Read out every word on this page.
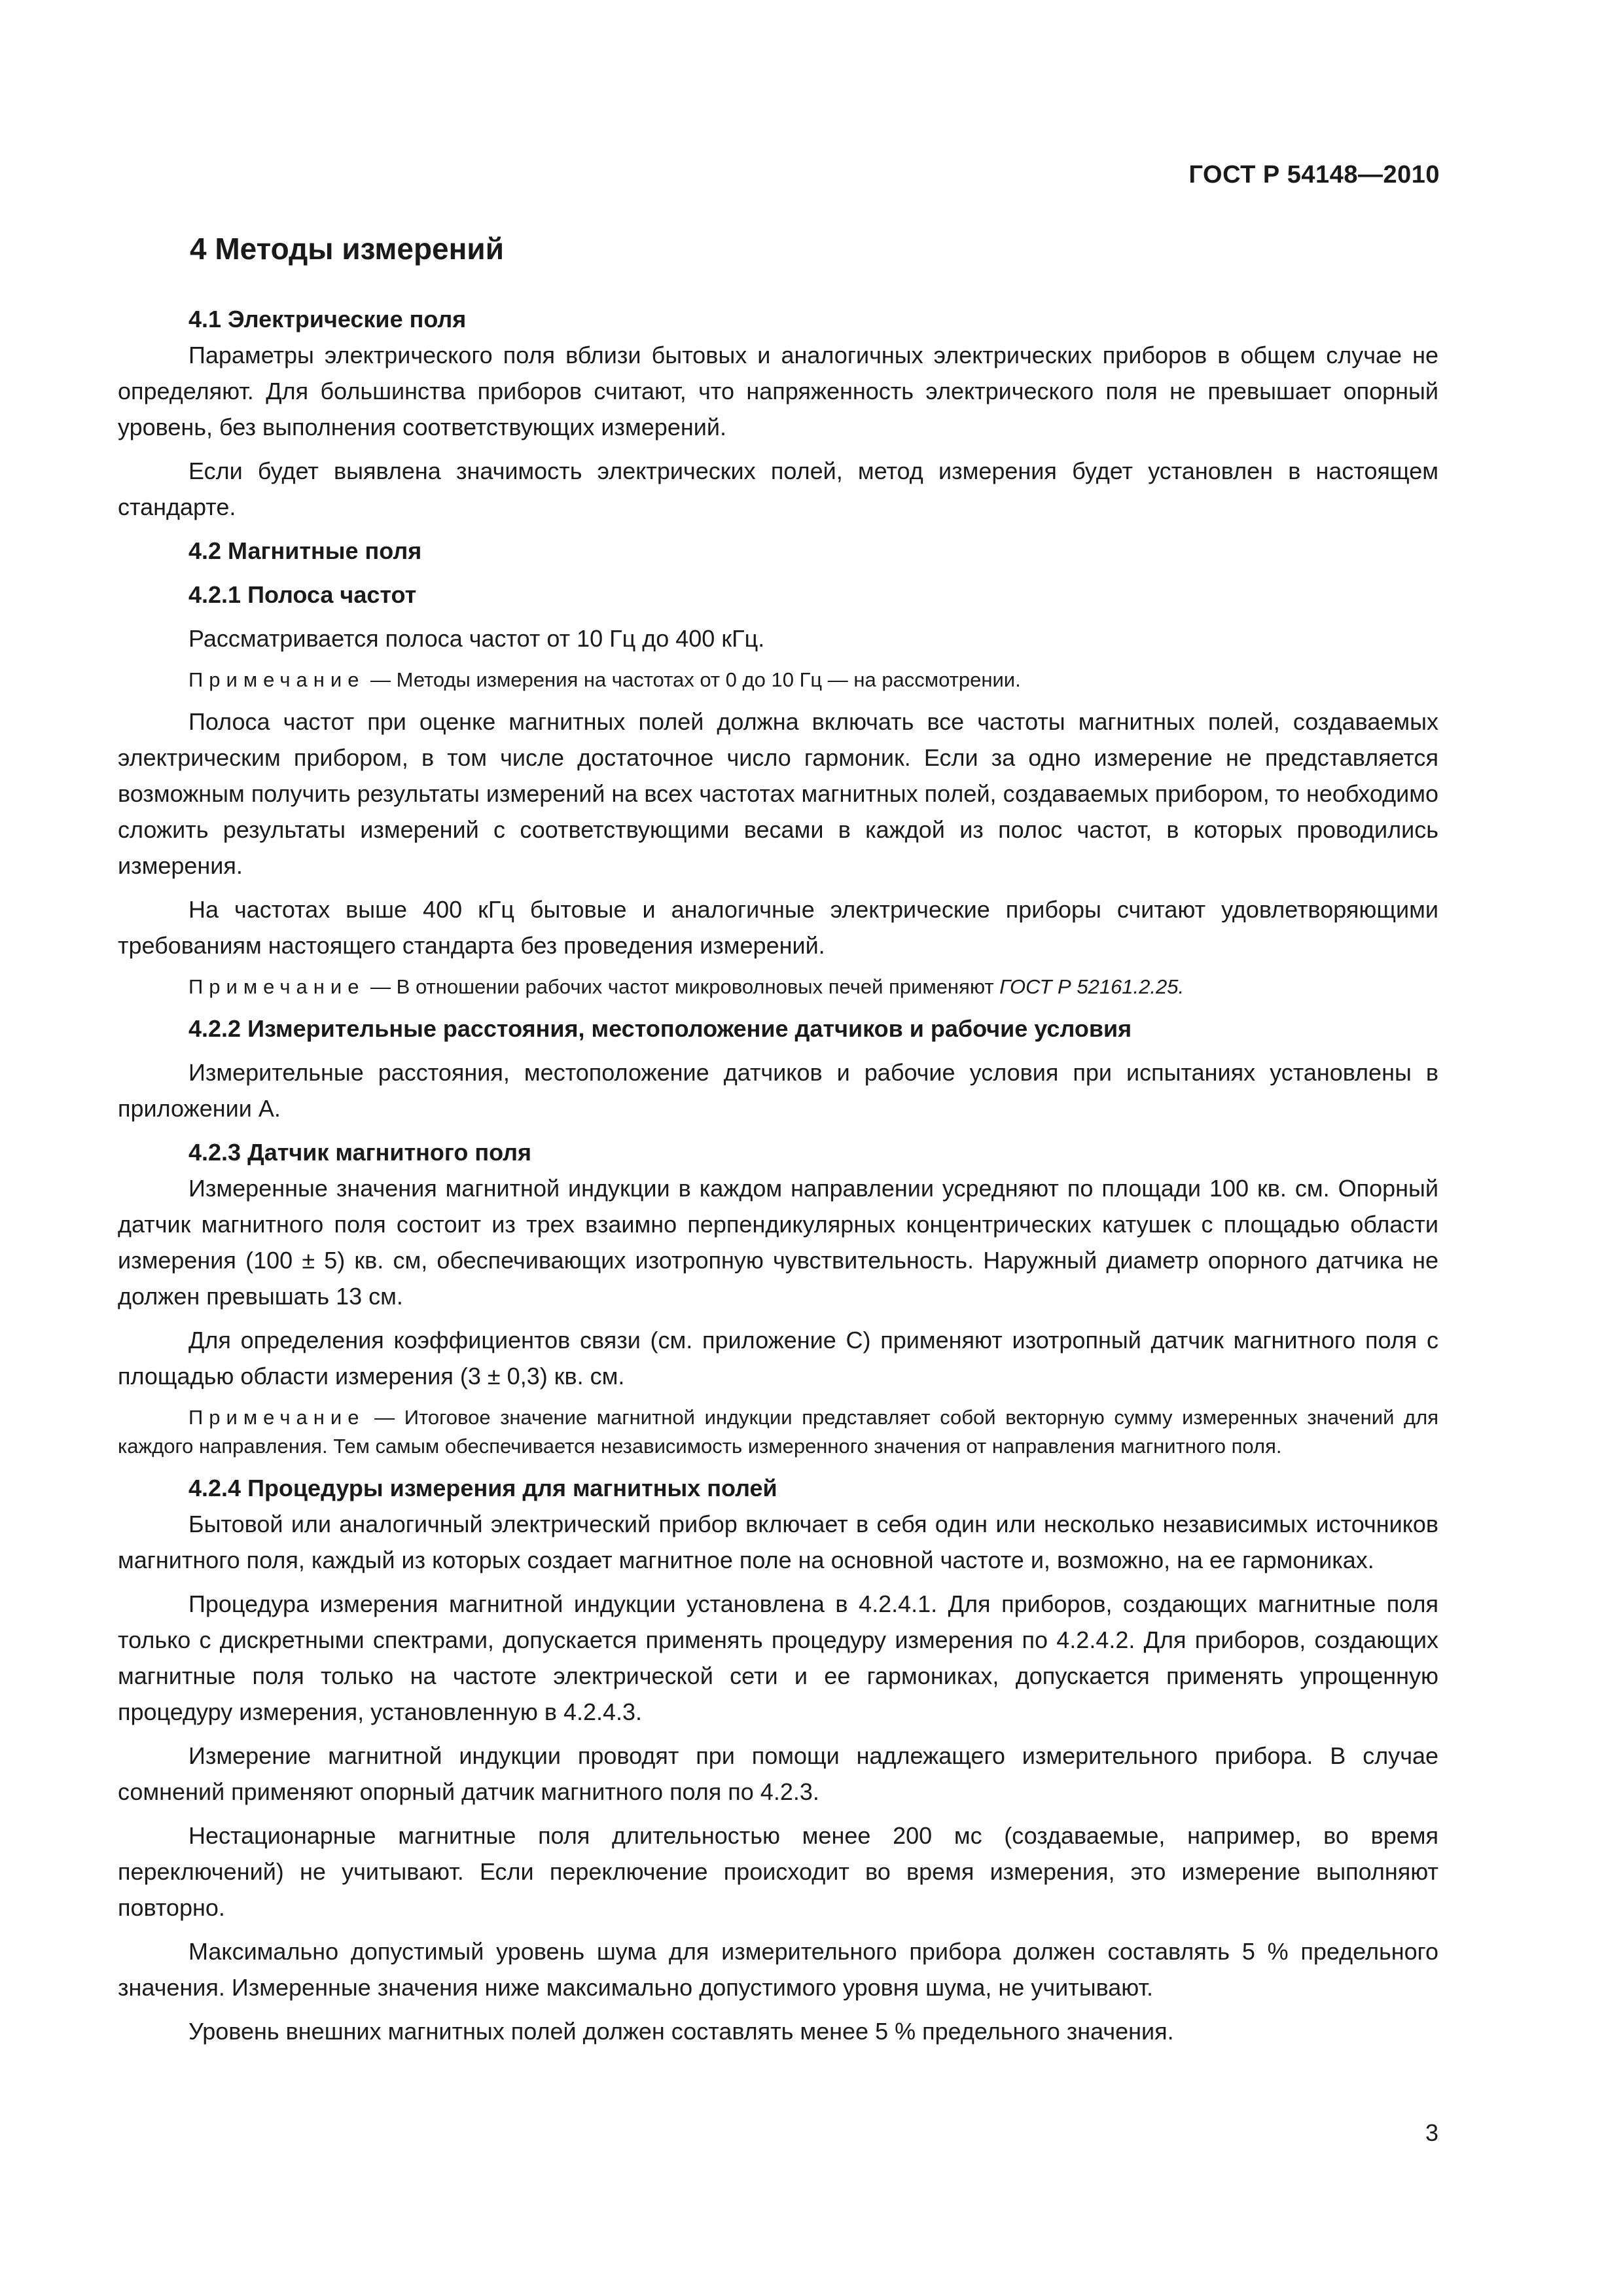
ГОСТ Р 54148—2010

4 Методы измерений

4.1 Электрические поля

Параметры электрического поля вблизи бытовых и аналогичных электрических приборов в общем случае не определяют. Для большинства приборов считают, что напряженность электрического поля не превышает опорный уровень, без выполнения соответствующих измерений.

Если будет выявлена значимость электрических полей, метод измерения будет установлен в настоящем стандарте.

4.2 Магнитные поля

4.2.1 Полоса частот

Рассматривается полоса частот от 10 Гц до 400 кГц.

Примечание — Методы измерения на частотах от 0 до 10 Гц — на рассмотрении.

Полоса частот при оценке магнитных полей должна включать все частоты магнитных полей, создаваемых электрическим прибором, в том числе достаточное число гармоник. Если за одно измерение не представляется возможным получить результаты измерений на всех частотах магнитных полей, создаваемых прибором, то необходимо сложить результаты измерений с соответствующими весами в каждой из полос частот, в которых проводились измерения.

На частотах выше 400 кГц бытовые и аналогичные электрические приборы считают удовлетворяющими требованиям настоящего стандарта без проведения измерений.

Примечание — В отношении рабочих частот микроволновых печей применяют ГОСТ Р 52161.2.25.

4.2.2 Измерительные расстояния, местоположение датчиков и рабочие условия

Измерительные расстояния, местоположение датчиков и рабочие условия при испытаниях установлены в приложении А.

4.2.3 Датчик магнитного поля

Измеренные значения магнитной индукции в каждом направлении усредняют по площади 100 кв. см. Опорный датчик магнитного поля состоит из трех взаимно перпендикулярных концентрических катушек с площадью области измерения (100 ± 5) кв. см, обеспечивающих изотропную чувствительность. Наружный диаметр опорного датчика не должен превышать 13 см.

Для определения коэффициентов связи (см. приложение С) применяют изотропный датчик магнитного поля с площадью области измерения (3 ± 0,3) кв. см.

Примечание — Итоговое значение магнитной индукции представляет собой векторную сумму измеренных значений для каждого направления. Тем самым обеспечивается независимость измеренного значения от направления магнитного поля.

4.2.4 Процедуры измерения для магнитных полей

Бытовой или аналогичный электрический прибор включает в себя один или несколько независимых источников магнитного поля, каждый из которых создает магнитное поле на основной частоте и, возможно, на ее гармониках.

Процедура измерения магнитной индукции установлена в 4.2.4.1. Для приборов, создающих магнитные поля только с дискретными спектрами, допускается применять процедуру измерения по 4.2.4.2. Для приборов, создающих магнитные поля только на частоте электрической сети и ее гармониках, допускается применять упрощенную процедуру измерения, установленную в 4.2.4.3.

Измерение магнитной индукции проводят при помощи надлежащего измерительного прибора. В случае сомнений применяют опорный датчик магнитного поля по 4.2.3.

Нестационарные магнитные поля длительностью менее 200 мс (создаваемые, например, во время переключений) не учитывают. Если переключение происходит во время измерения, это измерение выполняют повторно.

Максимально допустимый уровень шума для измерительного прибора должен составлять 5 % предельного значения. Измеренные значения ниже максимально допустимого уровня шума, не учитывают.

Уровень внешних магнитных полей должен составлять менее 5 % предельного значения.

3
